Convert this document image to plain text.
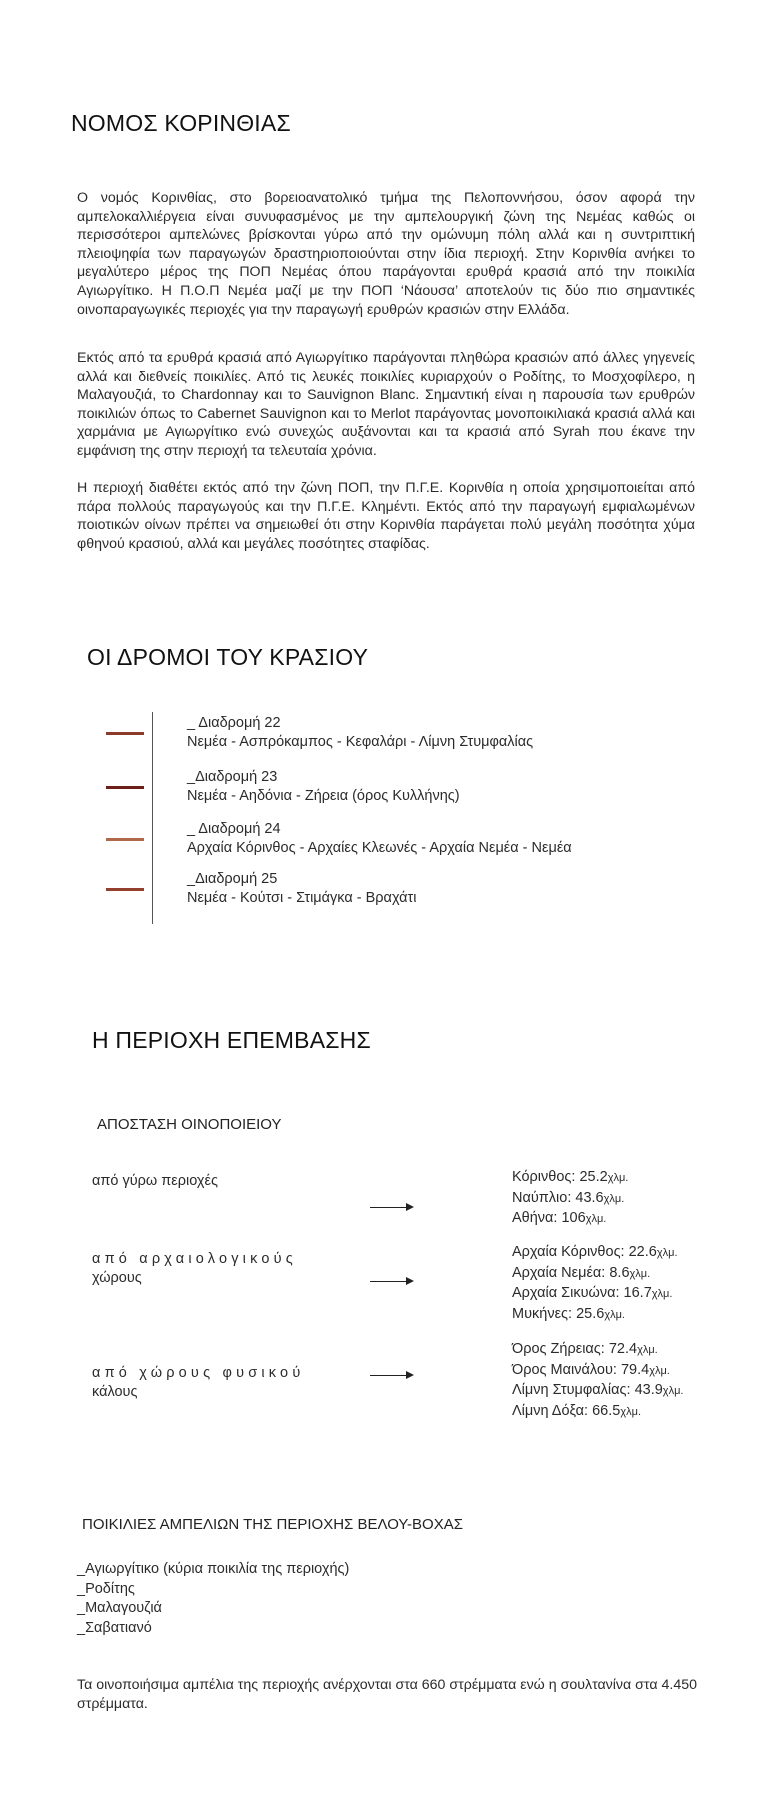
ΝΟΜΟΣ ΚΟΡΙΝΘΙΑΣ

Ο νομός Κορινθίας, στο βορειοανατολικό τμήμα της Πελοποννήσου, όσον αφορά την αμπελοκαλλιέργεια είναι συνυφασμένος με την αμπελουργική ζώνη της Νεμέας καθώς οι περισσότεροι αμπελώνες βρίσκονται γύρω από την ομώνυμη πόλη αλλά και η συντριπτική πλειοψηφία των παραγωγών δραστηριοποιούνται στην ίδια περιοχή. Στην Κορινθία ανήκει το μεγαλύτερο μέρος της ΠΟΠ Νεμέας όπου παράγονται ερυθρά κρασιά από την ποικιλία Αγιωργίτικο. Η Π.Ο.Π Νεμέα μαζί με την ΠΟΠ ‘Νάουσα’ αποτελούν τις δύο πιο σημαντικές οινοπαραγωγικές περιοχές για την παραγωγή ερυθρών κρασιών στην Ελλάδα.

Εκτός από τα ερυθρά κρασιά από Αγιωργίτικο παράγονται πληθώρα κρασιών από άλλες γηγενείς αλλά και διεθνείς ποικιλίες. Από τις λευκές ποικιλίες κυριαρχούν ο Ροδίτης, το Μοσχοφίλερο, η Μαλαγουζιά, το Chardonnay και το Sauvignon Blanc. Σημαντική είναι η παρουσία των ερυθρών ποικιλιών όπως το Cabernet Sauvignon και το Merlot παράγοντας μονοποικιλιακά κρασιά αλλά και χαρμάνια με Αγιωργίτικο ενώ συνεχώς αυξάνονται και τα κρασιά από Syrah που έκανε την εμφάνιση της στην περιοχή τα τελευταία χρόνια.

Η περιοχή διαθέτει εκτός από την ζώνη ΠΟΠ, την Π.Γ.Ε. Κορινθία η οποία χρησιμοποιείται από πάρα πολλούς παραγωγούς και την Π.Γ.Ε. Κλημέντι. Εκτός από την παραγωγή εμφιαλωμένων ποιοτικών οίνων πρέπει να σημειωθεί ότι στην Κορινθία παράγεται πολύ μεγάλη ποσότητα χύμα φθηνού κρασιού, αλλά και μεγάλες ποσότητες σταφίδας.

ΟΙ ΔΡΟΜΟΙ ΤΟΥ ΚΡΑΣΙΟΥ
_ Διαδρομή 22
Νεμέα - Ασπρόκαμπος - Κεφαλάρι - Λίμνη Στυμφαλίας
_Διαδρομή 23
Νεμέα - Αηδόνια - Ζήρεια (όρος Κυλλήνης)
_ Διαδρομή 24
Αρχαία Κόρινθος - Αρχαίες Κλεωνές - Αρχαία Νεμέα - Νεμέα
_Διαδρομή 25
Νεμέα - Κούτσι - Στιμάγκα - Βραχάτι
Η ΠΕΡΙΟΧΗ ΕΠΕΜΒΑΣΗΣ
ΑΠΟΣΤΑΣΗ ΟΙΝΟΠΟΙΕΙΟΥ
από γύρω περιοχές	Κόρινθος: 25.2χλμ.
Ναύπλιο: 43.6χλμ.
Αθήνα: 106χλμ.
από αρχαιολογικούς
χώρους
Αρχαία Κόρινθος: 22.6χλμ.
Αρχαία Νεμέα: 8.6χλμ.
Αρχαία Σικυώνα: 16.7χλμ.
Μυκήνες: 25.6χλμ.
από χώρους φυσικού
κάλους
Όρος Ζήρειας: 72.4χλμ.
Όρος Μαινάλου: 79.4χλμ.
Λίμνη Στυμφαλίας: 43.9χλμ.
Λίμνη Δόξα: 66.5χλμ.
ΠΟΙΚΙΛΙΕΣ ΑΜΠΕΛΙΩΝ ΤΗΣ ΠΕΡΙΟΧΗΣ ΒΕΛΟΥ-ΒΟΧΑΣ
_Αγιωργίτικο (κύρια ποικιλία της περιοχής)
_Ροδίτης
_Μαλαγουζιά
_Σαβατιανό

Τα οινοποιήσιμα αμπέλια της περιοχής ανέρχονται στα 660 στρέμματα ενώ η σουλτανίνα στα 4.450 στρέμματα.
